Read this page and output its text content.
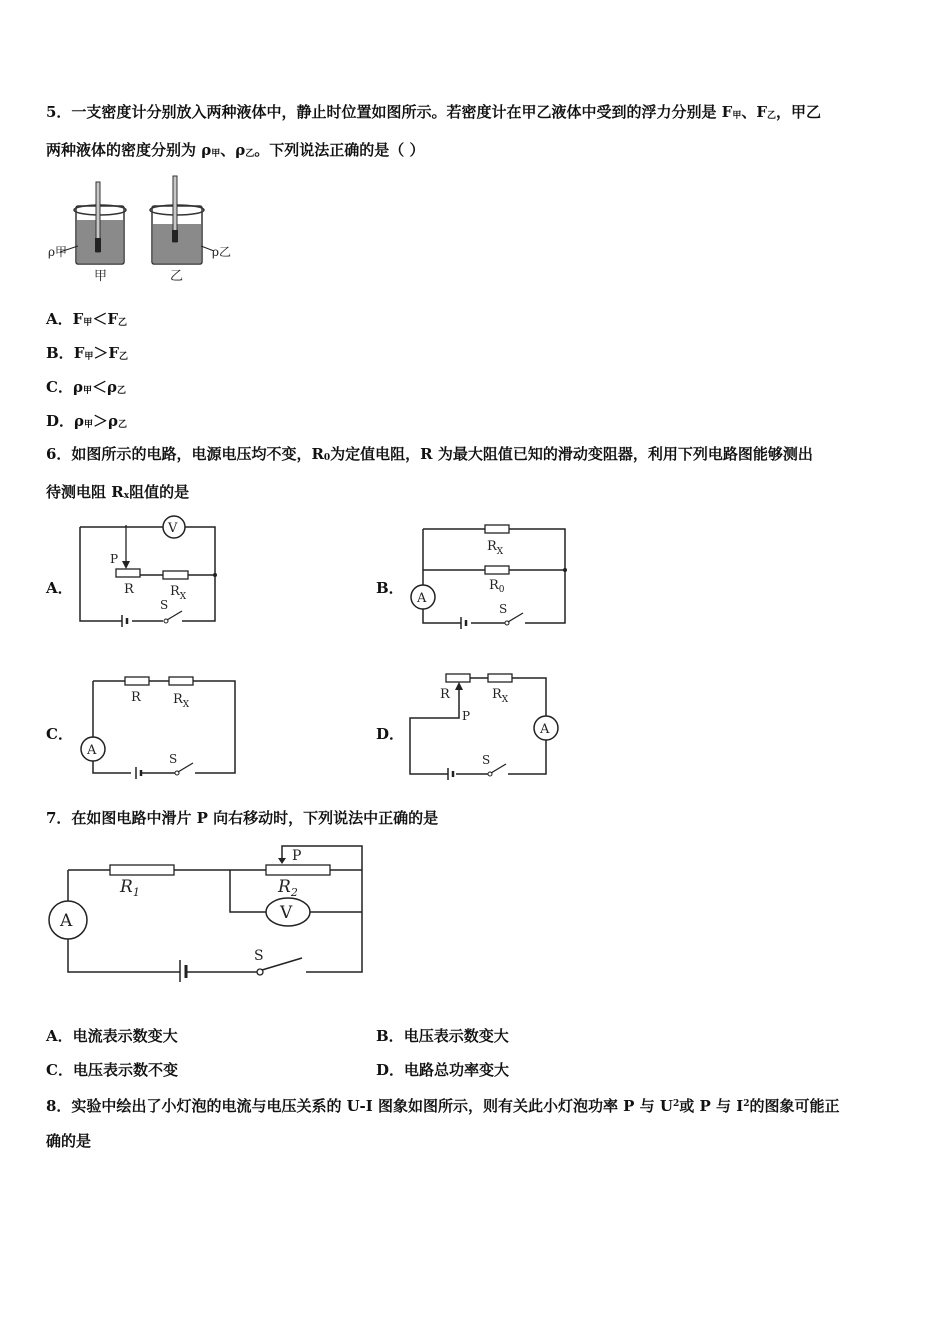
5．一支密度计分别放入两种液体中，静止时位置如图所示。若密度计在甲乙液体中受到的浮力分别是 $F_甲$、$F_乙$，甲乙
两种液体的密度分别为 $\rho_甲$、$\rho_乙$。下列说法正确的是（ ）
ρ甲
甲
ρ乙
乙
A．$F_甲<F_乙$
B．$F_甲>F_乙$
C．$\rho_甲<\rho_乙$
D．$\rho_甲>\rho_乙$
6．如图所示的电路，电源电压均不变，$R_0$为定值电阻，R 为最大阻值已知的滑动变阻器，利用下列电路图能够测出
待测电阻 $R_x$阻值的是
A．
V
P
R	$R_X$
S
B．
A
$R_X$
$R_0$
S
C．
A
R $R_X$
S
D．	A
R
P
$R_X$
S
7．在如图电路中滑片 P 向右移动时，下列说法中正确的是
A	V
$R_1$	$R_2$
P
S
A．电流表示数变大	B．电压表示数变大
C．电压表示数不变	D．电路总功率变大
8．实验中绘出了小灯泡的电流与电压关系的 U-I 图象如图所示，则有关此小灯泡功率 P 与 $U^2$或 P 与 $I^2$的图象可能正
确的是
